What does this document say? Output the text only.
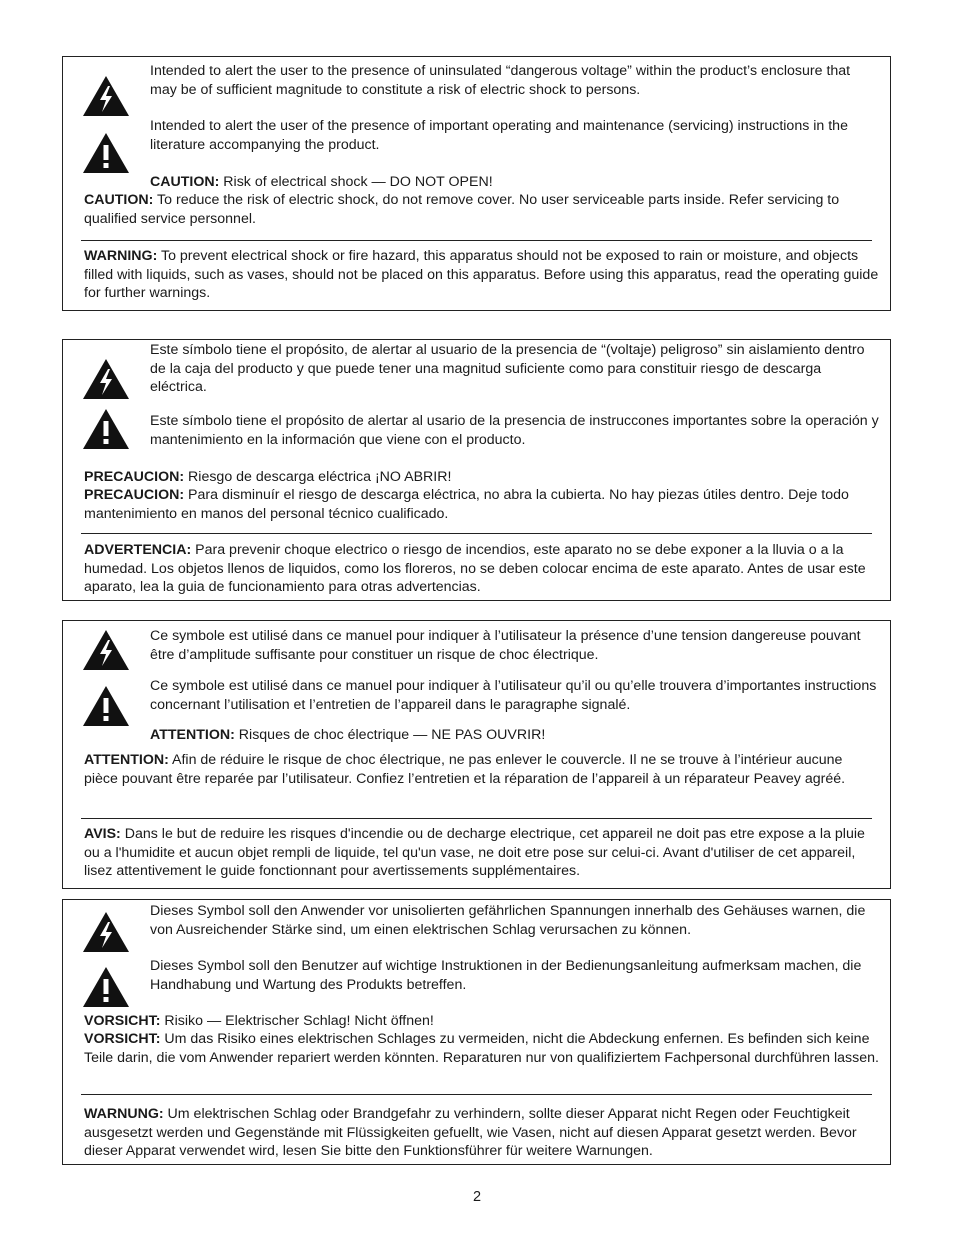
Intended to alert the user to the presence of uninsulated “dangerous voltage” within the product’s enclosure that may be of sufficient magnitude to constitute a risk of electric shock to persons.

Intended to alert the user of the presence of important operating and maintenance (servicing) instructions in the literature accompanying the product.

CAUTION: Risk of electrical shock — DO NOT OPEN!

CAUTION: To reduce the risk of electric shock, do not remove cover. No user serviceable parts inside. Refer servicing to qualified service personnel.

WARNING: To prevent electrical shock or fire hazard, this apparatus should not be exposed to rain or moisture, and objects filled with liquids, such as vases, should not be placed on this apparatus. Before using this apparatus, read the operating guide for further warnings.

Este símbolo tiene el propósito, de alertar al usuario de la presencia de “(voltaje) peligroso” sin aislamiento dentro de la caja del producto y que puede tener una magnitud suficiente como para constituir riesgo de descarga eléctrica.

Este símbolo tiene el propósito de alertar al usario de la presencia de instruccones importantes sobre la operación y mantenimiento en la información que viene con el producto.

PRECAUCION: Riesgo de descarga eléctrica ¡NO ABRIR!

PRECAUCION: Para disminuír el riesgo de descarga eléctrica, no abra la cubierta. No hay piezas útiles dentro. Deje todo mantenimiento en manos del personal técnico cualificado.

ADVERTENCIA: Para prevenir choque electrico o riesgo de incendios, este aparato no se debe exponer a la lluvia o a la humedad. Los objetos llenos de liquidos, como los floreros, no se deben colocar encima de este aparato. Antes de usar este aparato, lea la guia de funcionamiento para otras advertencias.

Ce symbole est utilisé dans ce manuel pour indiquer à l’utilisateur la présence d’une tension dangereuse pouvant être d’amplitude suffisante pour constituer un risque de choc électrique.

Ce symbole est utilisé dans ce manuel pour indiquer à l’utilisateur qu’il ou qu’elle trouvera d’importantes instructions concernant l’utilisation et l’entretien de l’appareil dans le paragraphe signalé.

ATTENTION: Risques de choc électrique — NE PAS OUVRIR!

ATTENTION: Afin de réduire le risque de choc électrique, ne pas enlever le couvercle. Il ne se trouve à l’intérieur aucune pièce pouvant être reparée par l’utilisateur. Confiez l’entretien et la réparation de l’appareil à un réparateur Peavey agréé.

AVIS: Dans le but de reduire les risques d'incendie ou de decharge electrique, cet appareil ne doit pas etre expose a la pluie ou a l'humidite et aucun objet rempli de liquide, tel qu'un vase, ne doit etre pose sur celui-ci. Avant d'utiliser de cet appareil, lisez attentivement le guide fonctionnant pour avertissements supplémentaires.

Dieses Symbol soll den Anwender vor unisolierten gefährlichen Spannungen innerhalb des Gehäuses warnen, die von Ausreichender Stärke sind, um einen elektrischen Schlag verursachen zu können.

Dieses Symbol soll den Benutzer auf wichtige Instruktionen in der Bedienungsanleitung aufmerksam machen, die Handhabung und Wartung des Produkts betreffen.

VORSICHT: Risiko — Elektrischer Schlag! Nicht öffnen!

VORSICHT: Um das Risiko eines elektrischen Schlages zu vermeiden, nicht die Abdeckung enfernen. Es befinden sich keine Teile darin, die vom Anwender repariert werden könnten. Reparaturen nur von qualifiziertem Fachpersonal durchführen lassen.

WARNUNG: Um elektrischen Schlag oder Brandgefahr zu verhindern, sollte dieser Apparat nicht Regen oder Feuchtigkeit ausgesetzt werden und Gegenstände mit Flüssigkeiten gefuellt, wie Vasen, nicht auf diesen Apparat gesetzt werden. Bevor dieser Apparat verwendet wird, lesen Sie bitte den Funktionsführer für weitere Warnungen.

2
